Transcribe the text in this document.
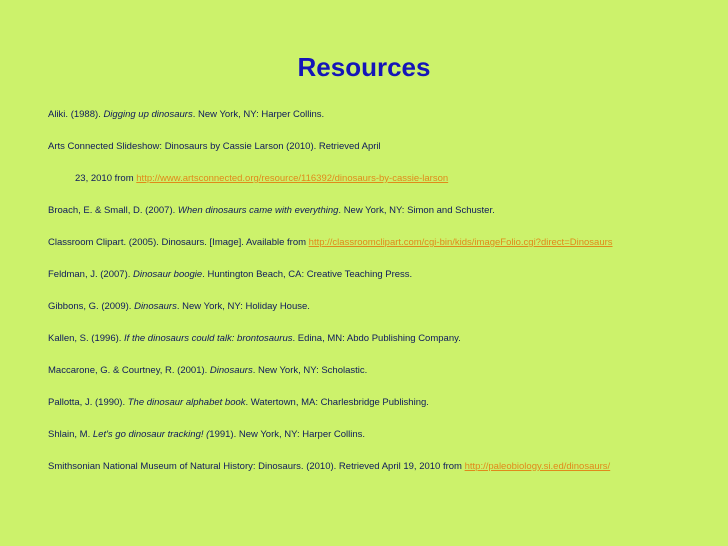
Resources
Aliki. (1988). Digging up dinosaurs. New York, NY: Harper Collins.
Arts Connected Slideshow: Dinosaurs by Cassie Larson (2010). Retrieved April
23, 2010 from http://www.artsconnected.org/resource/116392/dinosaurs-by-cassie-larson
Broach, E. & Small, D. (2007). When dinosaurs came with everything. New York, NY: Simon and Schuster.
Classroom Clipart. (2005). Dinosaurs. [Image]. Available from http://classroomclipart.com/cgi-bin/kids/imageFolio.cgi?direct=Dinosaurs
Feldman, J. (2007). Dinosaur boogie. Huntington Beach, CA: Creative Teaching Press.
Gibbons, G. (2009). Dinosaurs. New York, NY: Holiday House.
Kallen, S. (1996). If the dinosaurs could talk: brontosaurus. Edina, MN: Abdo Publishing Company.
Maccarone, G. & Courtney, R. (2001). Dinosaurs. New York, NY: Scholastic.
Pallotta, J. (1990). The dinosaur alphabet book. Watertown, MA: Charlesbridge Publishing.
Shlain, M. Let's go dinosaur tracking! (1991). New York, NY: Harper Collins.
Smithsonian National Museum of Natural History: Dinosaurs. (2010). Retrieved April 19, 2010 from http://paleobiology.si.ed/dinosaurs/
